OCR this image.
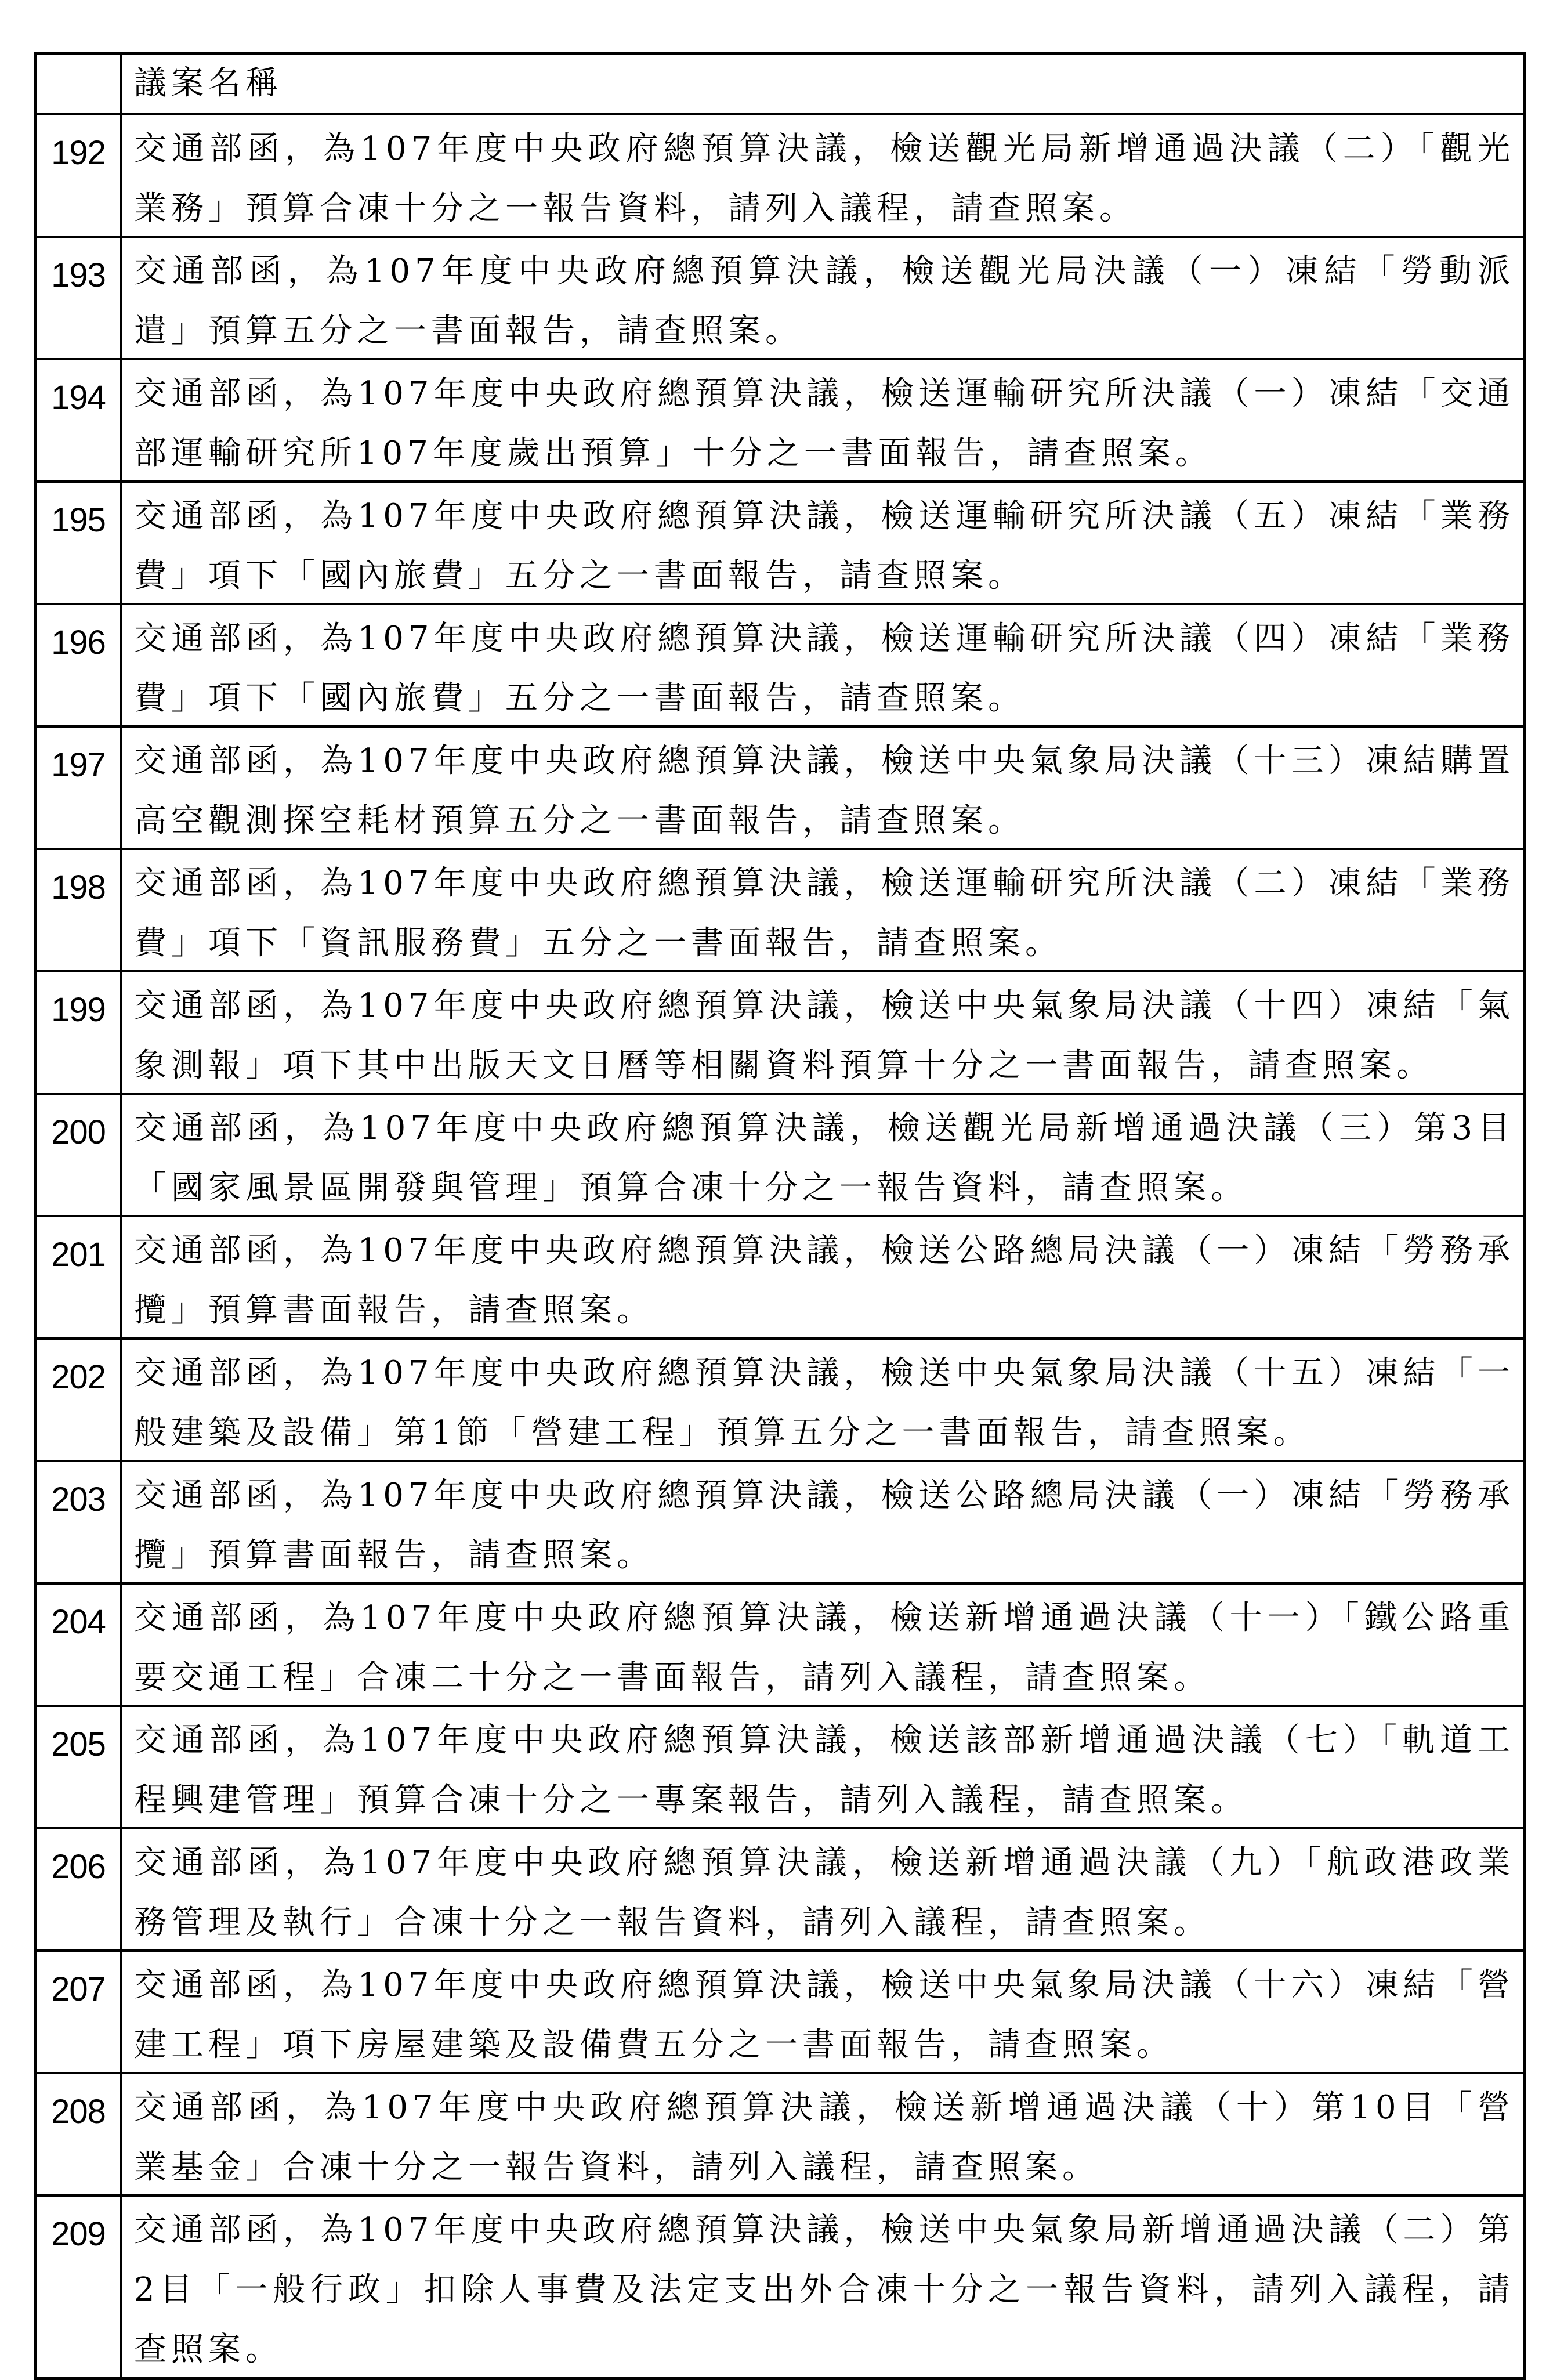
議案名稱
192 交通部函，為107年度中央政府總預算決議，檢送觀光局新增通過決議（二）「觀光業務」預算合凍十分之一報告資料，請列入議程，請查照案。
193 交通部函，為107年度中央政府總預算決議，檢送觀光局決議（一）凍結「勞動派遣」預算五分之一書面報告，請查照案。
194 交通部函，為107年度中央政府總預算決議，檢送運輸研究所決議（一）凍結「交通部運輸研究所107年度歲出預算」十分之一書面報告，請查照案。
195 交通部函，為107年度中央政府總預算決議，檢送運輸研究所決議（五）凍結「業務費」項下「國內旅費」五分之一書面報告，請查照案。
196 交通部函，為107年度中央政府總預算決議，檢送運輸研究所決議（四）凍結「業務費」項下「國內旅費」五分之一書面報告，請查照案。
197 交通部函，為107年度中央政府總預算決議，檢送中央氣象局決議（十三）凍結購置高空觀測探空耗材預算五分之一書面報告，請查照案。
198 交通部函，為107年度中央政府總預算決議，檢送運輸研究所決議（二）凍結「業務費」項下「資訊服務費」五分之一書面報告，請查照案。
199 交通部函，為107年度中央政府總預算決議，檢送中央氣象局決議（十四）凍結「氣象測報」項下其中出版天文日曆等相關資料預算十分之一書面報告，請查照案。
200 交通部函，為107年度中央政府總預算決議，檢送觀光局新增通過決議（三）第3目「國家風景區開發與管理」預算合凍十分之一報告資料，請查照案。
201 交通部函，為107年度中央政府總預算決議，檢送公路總局決議（一）凍結「勞務承攬」預算書面報告，請查照案。
202 交通部函，為107年度中央政府總預算決議，檢送中央氣象局決議（十五）凍結「一般建築及設備」第1節「營建工程」預算五分之一書面報告，請查照案。
203 交通部函，為107年度中央政府總預算決議，檢送公路總局決議（一）凍結「勞務承攬」預算書面報告，請查照案。
204 交通部函，為107年度中央政府總預算決議，檢送新增通過決議（十一）「鐵公路重要交通工程」合凍二十分之一書面報告，請列入議程，請查照案。
205 交通部函，為107年度中央政府總預算決議，檢送該部新增通過決議（七）「軌道工程興建管理」預算合凍十分之一專案報告，請列入議程，請查照案。
206 交通部函，為107年度中央政府總預算決議，檢送新增通過決議（九）「航政港政業務管理及執行」合凍十分之一報告資料，請列入議程，請查照案。
207 交通部函，為107年度中央政府總預算決議，檢送中央氣象局決議（十六）凍結「營建工程」項下房屋建築及設備費五分之一書面報告，請查照案。
208 交通部函，為107年度中央政府總預算決議，檢送新增通過決議（十）第10目「營業基金」合凍十分之一報告資料，請列入議程，請查照案。
209 交通部函，為107年度中央政府總預算決議，檢送中央氣象局新增通過決議（二）第2目「一般行政」扣除人事費及法定支出外合凍十分之一報告資料，請列入議程，請查照案。
